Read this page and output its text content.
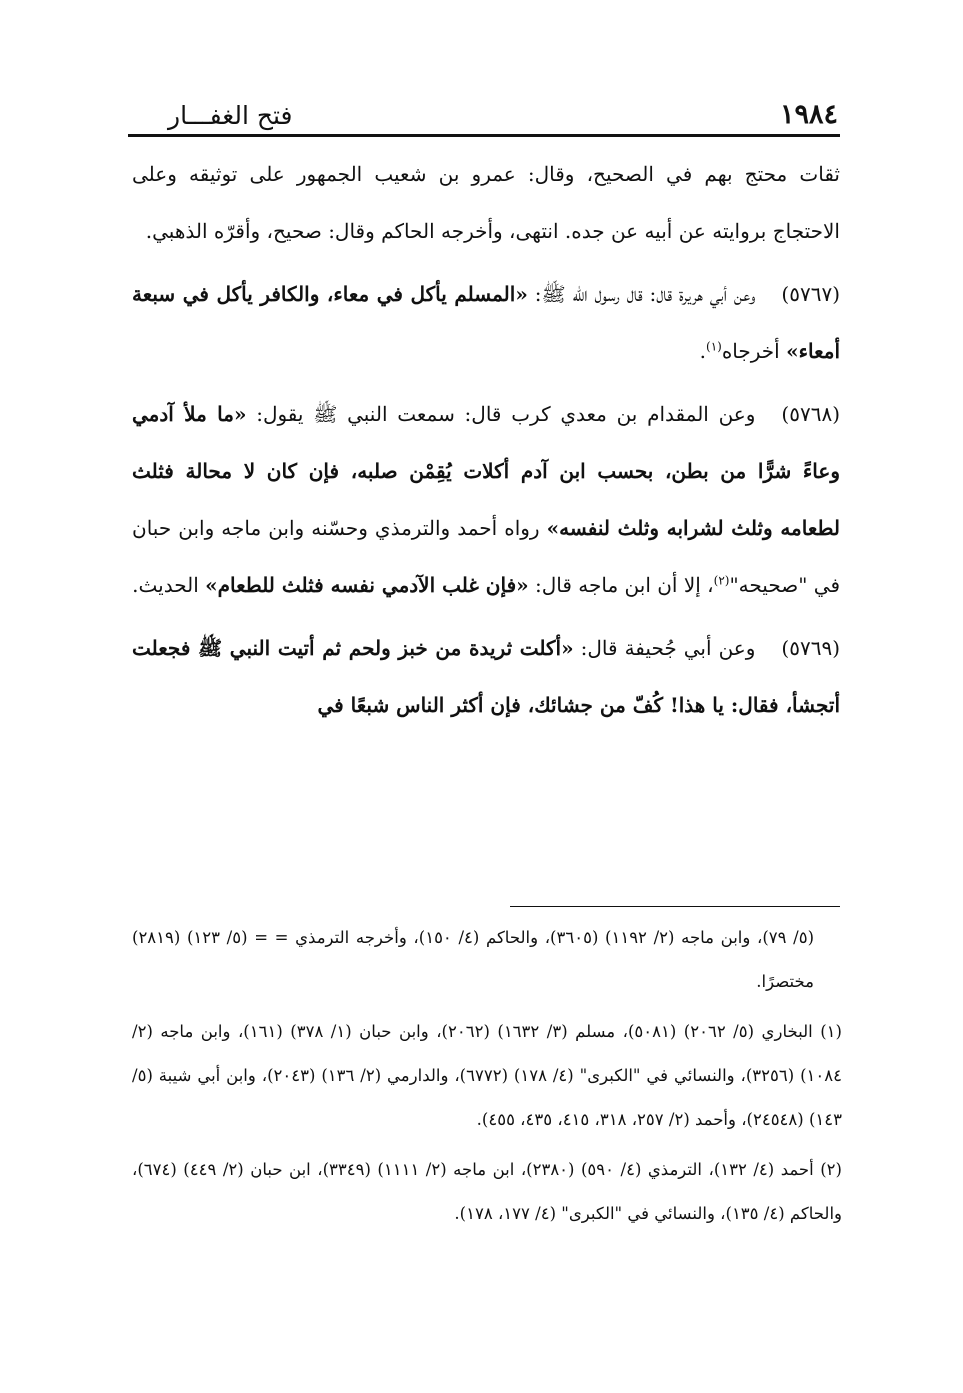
١٩٨٤
فتح الغفـــار

ثقات محتج بهم في الصحيح، وقال: عمرو بن شعيب الجمهور على توثيقه وعلى الاحتجاج بروايته عن أبيه عن جده. انتهى، وأخرجه الحاكم وقال: صحيح، وأقرّه الذهبي.

(٥٧٦٧)وعن أبي هريرة قال: قال رسول الله ﷺ: «المسلم يأكل في معاء، والكافر يأكل في سبعة أمعاء» أخرجاه$^{(١)}$.

(٥٧٦٨)وعن المقدام بن معدي كرب قال: سمعت النبي ﷺ يقول: «ما ملأ آدمي وعاءً شرًّا من بطن، بحسب ابن آدم أكلات يُقِمْن صلبه، فإن كان لا محالة فثلث لطعامه وثلث لشرابه وثلث لنفسه» رواه أحمد والترمذي وحسّنه وابن ماجه وابن حبان في "صحيحه"$^{(٢)}$، إلا أن ابن ماجه قال: «فإن غلب الآدمي نفسه فثلث للطعام» الحديث.

(٥٧٦٩)وعن أبي جُحيفة قال: «أكلت ثريدة من خبز ولحم ثم أتيت النبي ﷺ فجعلت أتجشأ، فقال: يا هذا! كُفّ من جشائك، فإن أكثر الناس شبعًا في

(٥/ ٧٩)، وابن ماجه (٢/ ١١٩٢) (٣٦٠٥)، والحاكم (٤/ ١٥٠)، وأخرجه الترمذي = = (٥/ ١٢٣) (٢٨١٩) مختصرًا.

(١) البخاري (٥/ ٢٠٦٢) (٥٠٨١)، مسلم (٣/ ١٦٣٢) (٢٠٦٢)، وابن حبان (١/ ٣٧٨) (١٦١)، وابن ماجه (٢/ ١٠٨٤) (٣٢٥٦)، والنسائي في "الكبرى" (٤/ ١٧٨) (٦٧٧٢)، والدارمي (٢/ ١٣٦) (٢٠٤٣)، وابن أبي شيبة (٥/ ١٤٣) (٢٤٥٤٨)، وأحمد (٢/ ٢٥٧، ٣١٨، ٤١٥، ٤٣٥، ٤٥٥).

(٢) أحمد (٤/ ١٣٢)، الترمذي (٤/ ٥٩٠) (٢٣٨٠)، ابن ماجه (٢/ ١١١١) (٣٣٤٩)، ابن حبان (٢/ ٤٤٩) (٦٧٤)، والحاكم (٤/ ١٣٥)، والنسائي في "الكبرى" (٤/ ١٧٧، ١٧٨).
